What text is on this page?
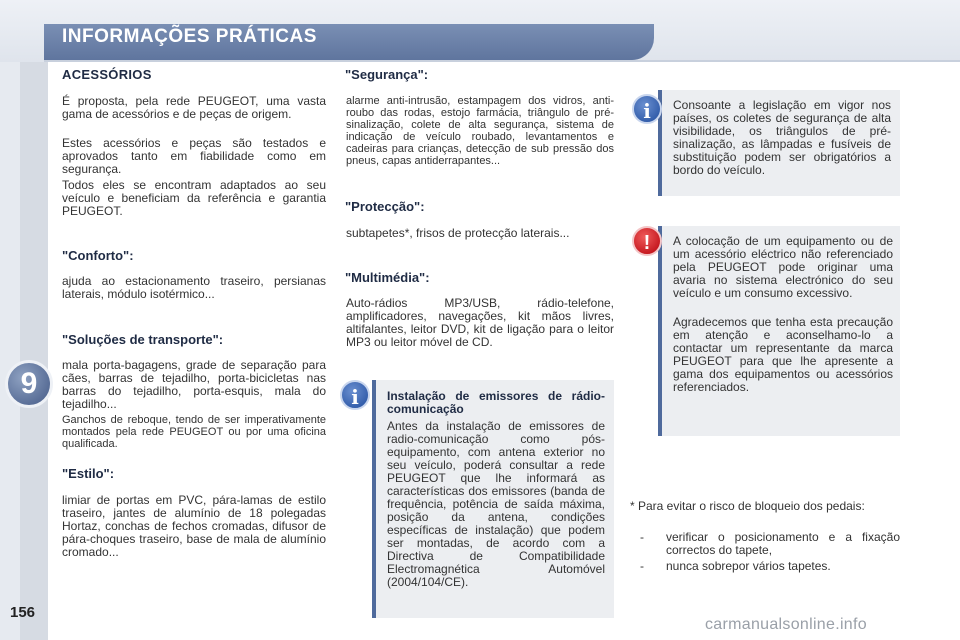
INFORMAÇÕES PRÁTICAS
9
156
ACESSÓRIOS
É proposta, pela rede PEUGEOT, uma vasta gama de acessórios e de peças de origem.
Estes acessórios e peças são testados e aprovados tanto em fiabilidade como em segurança.
Todos eles se encontram adaptados ao seu veículo e beneficiam da referência e garantia PEUGEOT.
"Conforto":
ajuda ao estacionamento traseiro, persianas laterais, módulo isotérmico...
"Soluções de transporte":
mala porta-bagagens, grade de separação para cães, barras de tejadilho, porta-bicicletas nas barras do tejadilho, porta-esquis, mala do tejadilho...
Ganchos de reboque, tendo de ser imperativamente montados pela rede PEUGEOT ou por uma oficina qualificada.
"Estilo":
limiar de portas em PVC, pára-lamas de estilo traseiro, jantes de alumínio de 18 polegadas Hortaz, conchas de fechos cromadas, difusor de pára-choques traseiro, base de mala de alumínio cromado...
"Segurança":
alarme anti-intrusão, estampagem dos vidros, anti-roubo das rodas, estojo farmácia, triângulo de pré-sinalização, colete de alta segurança, sistema de indicação de veículo roubado, levantamentos e cadeiras para crianças, detecção de sub pressão dos pneus, capas antiderrapantes...
"Protecção":
subtapetes*, frisos de protecção laterais...
"Multimédia":
Auto-rádios MP3/USB, rádio-telefone, amplificadores, navegações, kit mãos livres, altifalantes, leitor DVD, kit de ligação para o leitor MP3 ou leitor móvel de CD.
i	Instalação de emissores de rádio-comunicação
Antes da instalação de emissores de radio-comunicação como pós-equipamento, com antena exterior no seu veículo, poderá consultar a rede PEUGEOT que lhe informará as características dos emissores (banda de frequência, potência de saída máxima, posição da antena, condições específicas de instalação) que podem ser montadas, de acordo com a Directiva de Compatibilidade Electromagnética Automóvel (2004/104/CE).
i	Consoante a legislação em vigor nos países, os coletes de segurança de alta visibilidade, os triângulos de pré-sinalização, as lâmpadas e fusíveis de substituição podem ser obrigatórios a bordo do veículo.
!	A colocação de um equipamento ou de um acessório eléctrico não referenciado pela PEUGEOT pode originar uma avaria no sistema electrónico do seu veículo e um consumo excessivo.
Agradecemos que tenha esta precaução em atenção e aconselhamo-lo a contactar um representante da marca PEUGEOT para que lhe apresente a gama dos equipamentos ou acessórios referenciados.
* Para evitar o risco de bloqueio dos pedais:
- verificar o posicionamento e a fixação correctos do tapete,
- nunca sobrepor vários tapetes.
carmanualsonline.info
